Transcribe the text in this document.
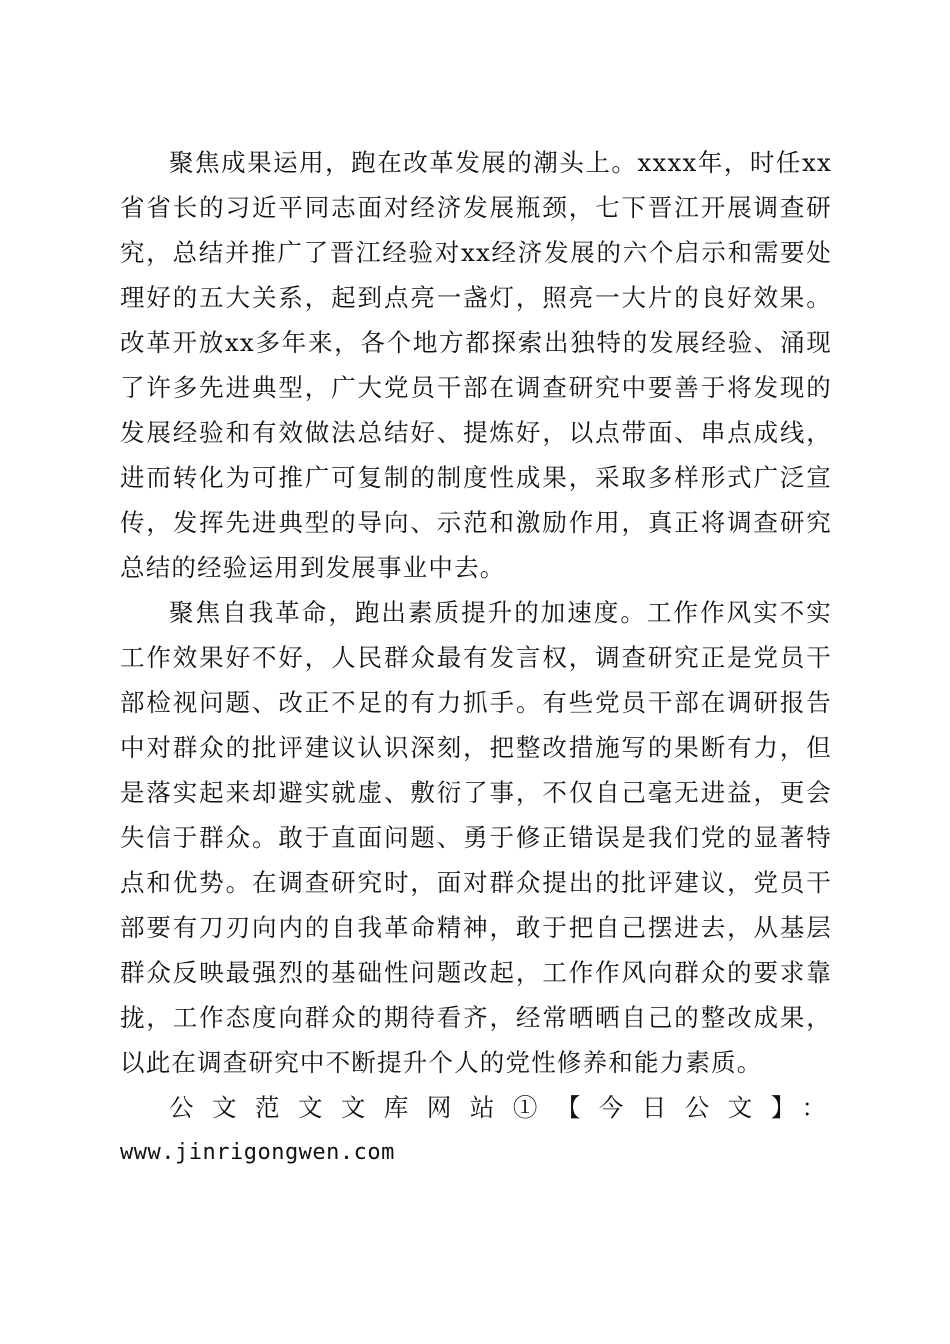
聚焦成果运用，跑在改革发展的潮头上。xxxx年，时任xx省省长的习近平同志面对经济发展瓶颈，七下晋江开展调查研究，总结并推广了晋江经验对xx经济发展的六个启示和需要处理好的五大关系，起到点亮一盏灯，照亮一大片的良好效果。改革开放xx多年来，各个地方都探索出独特的发展经验、涌现了许多先进典型，广大党员干部在调查研究中要善于将发现的发展经验和有效做法总结好、提炼好，以点带面、串点成线，进而转化为可推广可复制的制度性成果，采取多样形式广泛宣传，发挥先进典型的导向、示范和激励作用，真正将调查研究总结的经验运用到发展事业中去。

聚焦自我革命，跑出素质提升的加速度。工作作风实不实工作效果好不好，人民群众最有发言权，调查研究正是党员干部检视问题、改正不足的有力抓手。有些党员干部在调研报告中对群众的批评建议认识深刻，把整改措施写的果断有力，但是落实起来却避实就虚、敷衍了事，不仅自己毫无进益，更会失信于群众。敢于直面问题、勇于修正错误是我们党的显著特点和优势。在调查研究时，面对群众提出的批评建议，党员干部要有刀刃向内的自我革命精神，敢于把自己摆进去，从基层群众反映最强烈的基础性问题改起，工作作风向群众的要求靠拢，工作态度向群众的期待看齐，经常晒晒自己的整改成果，以此在调查研究中不断提升个人的党性修养和能力素质。

公文范文文库网站①【今日公文】：

www.jinrigongwen.com
